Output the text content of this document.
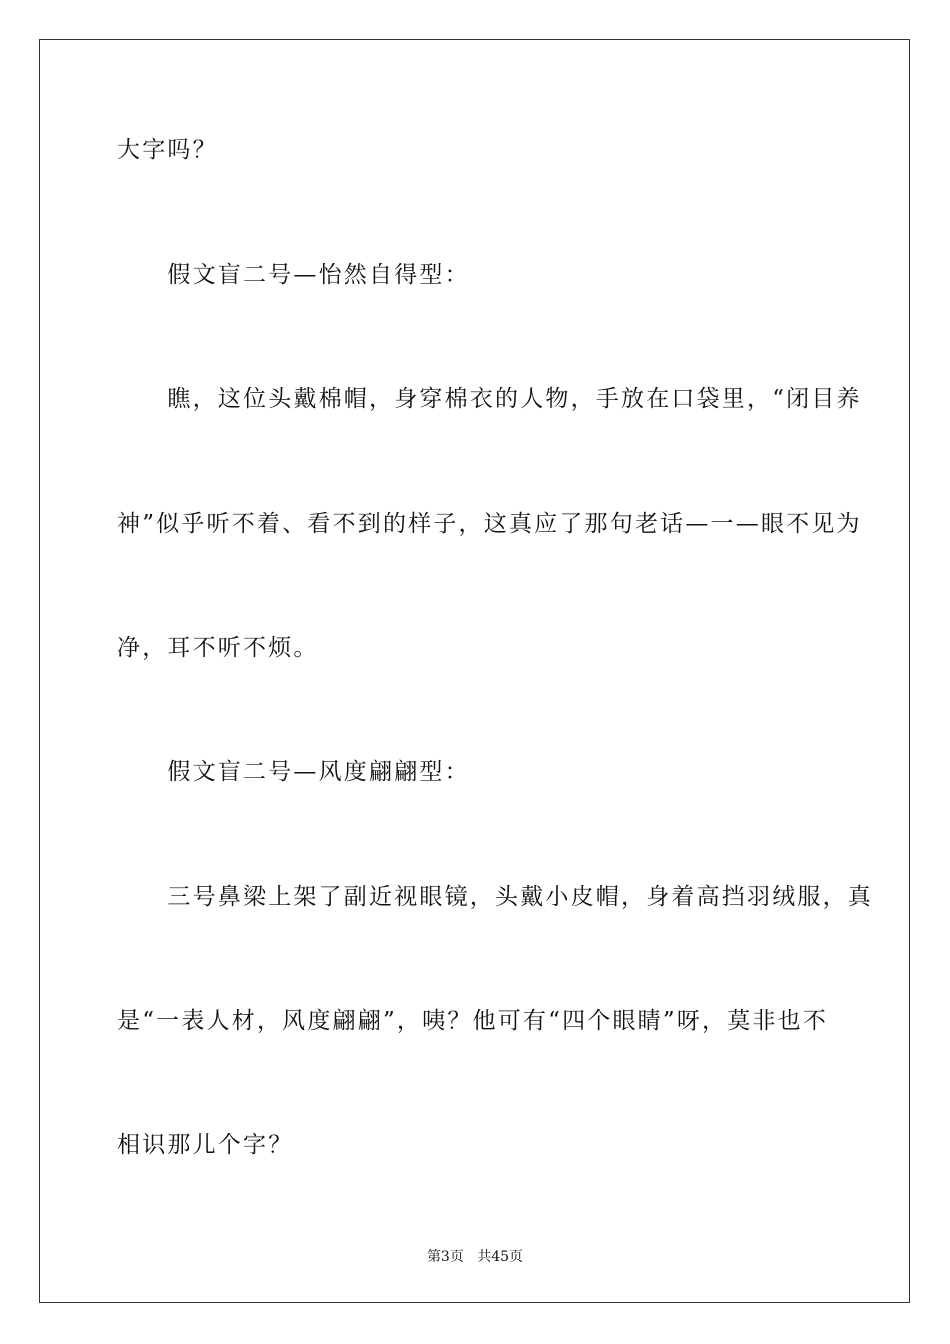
大字吗？
　　假文盲二号—怡然自得型：
　　瞧，这位头戴棉帽，身穿棉衣的人物，手放在口袋里，“闭目养
神”似乎听不着、看不到的样子，这真应了那句老话—一—眼不见为
净，耳不听不烦。
　　假文盲二号—风度翩翩型：
　　三号鼻梁上架了副近视眼镜，头戴小皮帽，身着高挡羽绒服，真
是“一表人材，风度翩翩”，咦？他可有“四个眼睛”呀，莫非也不
相识那儿个字？
第3页 共45页
